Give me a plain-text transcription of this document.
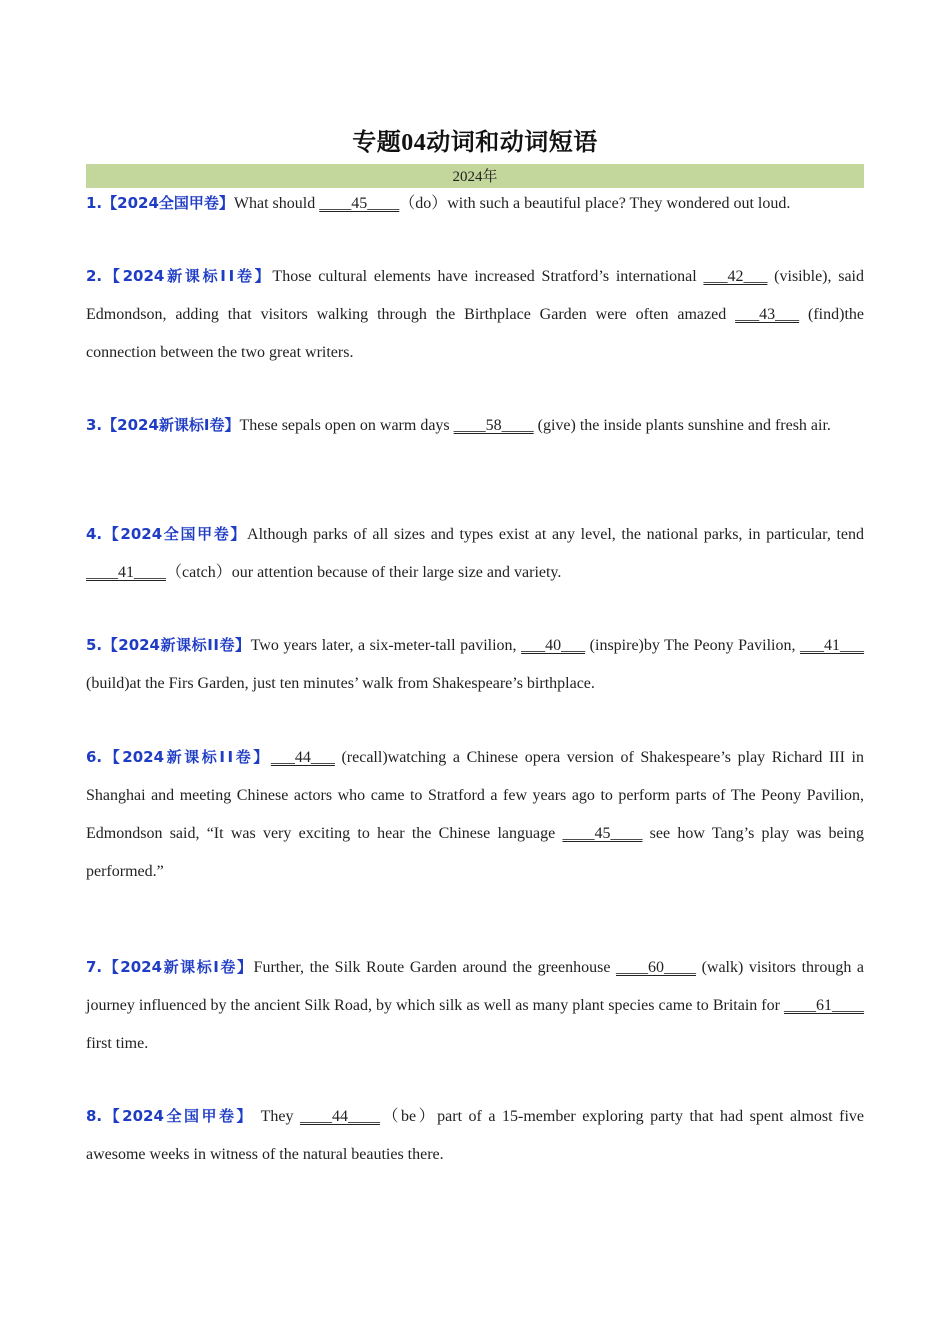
专题04动词和动词短语
2024年
1.【2024全国甲卷】What should ____45____（do）with such a beautiful place? They wondered out loud.
2.【2024新课标ⅠⅠ卷】Those cultural elements have increased Stratford’s international ___42___ (visible), said Edmondson, adding that visitors walking through the Birthplace Garden were often amazed ___43___ (find)the connection between the two great writers.
3.【2024新课标Ⅰ卷】These sepals open on warm days ____58____ (give) the inside plants sunshine and fresh air.
4.【2024全国甲卷】Although parks of all sizes and types exist at any level, the national parks, in particular, tend ____41____（catch）our attention because of their large size and variety.
5.【2024新课标ⅠⅠ卷】Two years later, a six-meter-tall pavilion, ___40___ (inspire)by The Peony Pavilion, ___41___ (build)at the Firs Garden, just ten minutes’ walk from Shakespeare’s birthplace.
6.【2024新课标ⅠⅠ卷】___44___ (recall)watching a Chinese opera version of Shakespeare’s play Richard III in Shanghai and meeting Chinese actors who came to Stratford a few years ago to perform parts of The Peony Pavilion, Edmondson said, “It was very exciting to hear the Chinese language ____45____ see how Tang’s play was being performed.”
7.【2024新课标Ⅰ卷】Further, the Silk Route Garden around the greenhouse ____60____ (walk) visitors through a journey influenced by the ancient Silk Road, by which silk as well as many plant species came to Britain for ____61____ first time.
8.【2024全国甲卷】 They ____44____（be）part of a 15-member exploring party that had spent almost five awesome weeks in witness of the natural beauties there.
